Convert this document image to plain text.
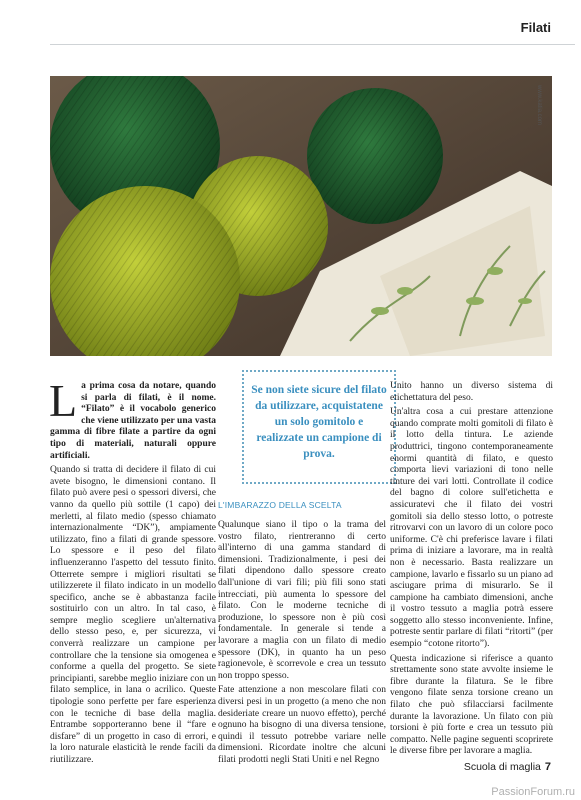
Filati
www.katia.com
L a prima cosa da notare, quando si parla di filati, è il nome. “Filato” è il vocabolo generico che viene utilizzato per una vasta gamma di fibre filate a partire da ogni tipo di materiali, naturali oppure artificiali.

Quando si tratta di decidere il filato di cui avete bisogno, le dimensioni contano. Il filato può avere pesi o spessori diversi, che vanno da quello più sottile (1 capo) dei merletti, al filato medio (spesso chiamato internazionalmente “DK”), ampiamente utilizzato, fino a filati di grande spessore. Lo spessore e il peso del filato influenzeranno l'aspetto del tessuto finito. Otterrete sempre i migliori risultati se utilizzerete il filato indicato in un modello specifico, anche se è abbastanza facile sostituirlo con un altro. In tal caso, è sempre meglio scegliere un'alternativa dello stesso peso, e, per sicurezza, vi converrà realizzare un campione per controllare che la tensione sia omogenea e conforme a quella del progetto. Se siete principianti, sarebbe meglio iniziare con un filato semplice, in lana o acrilico. Queste tipologie sono perfette per fare esperienza con le tecniche di base della maglia. Entrambe sopporteranno bene il “fare e disfare” di un progetto in caso di errori, e la loro naturale elasticità le rende facili da riutilizzare.

Se non siete sicure del filato da utilizzare, acquistatene un solo gomitolo e realizzate un campione di prova.
L'IMBARAZZO DELLA SCELTA

Qualunque siano il tipo o la trama del vostro filato, rientreranno di certo all'interno di una gamma standard di dimensioni. Tradizionalmente, i pesi dei filati dipendono dallo spessore creato dall'unione di vari fili; più fili sono stati intrecciati, più aumenta lo spessore del filato. Con le moderne tecniche di produzione, lo spessore non è più così fondamentale. In generale si tende a lavorare a maglia con un filato di medio spessore (DK), in quanto ha un peso ragionevole, è scorrevole e crea un tessuto non troppo spesso.

Fate attenzione a non mescolare filati con diversi pesi in un progetto (a meno che non desideriate creare un nuovo effetto), perché ognuno ha bisogno di una diversa tensione, quindi il tessuto potrebbe variare nelle dimensioni. Ricordate inoltre che alcuni filati prodotti negli Stati Uniti e nel Regno

Unito hanno un diverso sistema di etichettatura del peso.

Un'altra cosa a cui prestare attenzione quando comprate molti gomitoli di filato è il lotto della tintura. Le aziende produttrici, tingono contemporaneamente enormi quantità di filato, e questo comporta lievi variazioni di tono nelle tinture dei vari lotti. Controllate il codice del bagno di colore sull'etichetta e assicuratevi che il filato dei vostri gomitoli sia dello stesso lotto, o potreste ritrovarvi con un lavoro di un colore poco uniforme. C'è chi preferisce lavare i filati prima di iniziare a lavorare, ma in realtà non è necessario. Basta realizzare un campione, lavarlo e fissarlo su un piano ad asciugare prima di misurarlo. Se il campione ha cambiato dimensioni, anche il vostro tessuto a maglia potrà essere soggetto allo stesso inconveniente. Infine, potreste sentir parlare di filati “ritorti” (per esempio “cotone ritorto”).

Questa indicazione si riferisce a quanto strettamente sono state avvolte insieme le fibre durante la filatura. Se le fibre vengono filate senza torsione creano un filato che può sfilacciarsi facilmente durante la lavorazione. Un filato con più torsioni è più forte e crea un tessuto più compatto. Nelle pagine seguenti scoprirete le diverse fibre per lavorare a maglia.

Scuola di maglia 7
PassionForum.ru
